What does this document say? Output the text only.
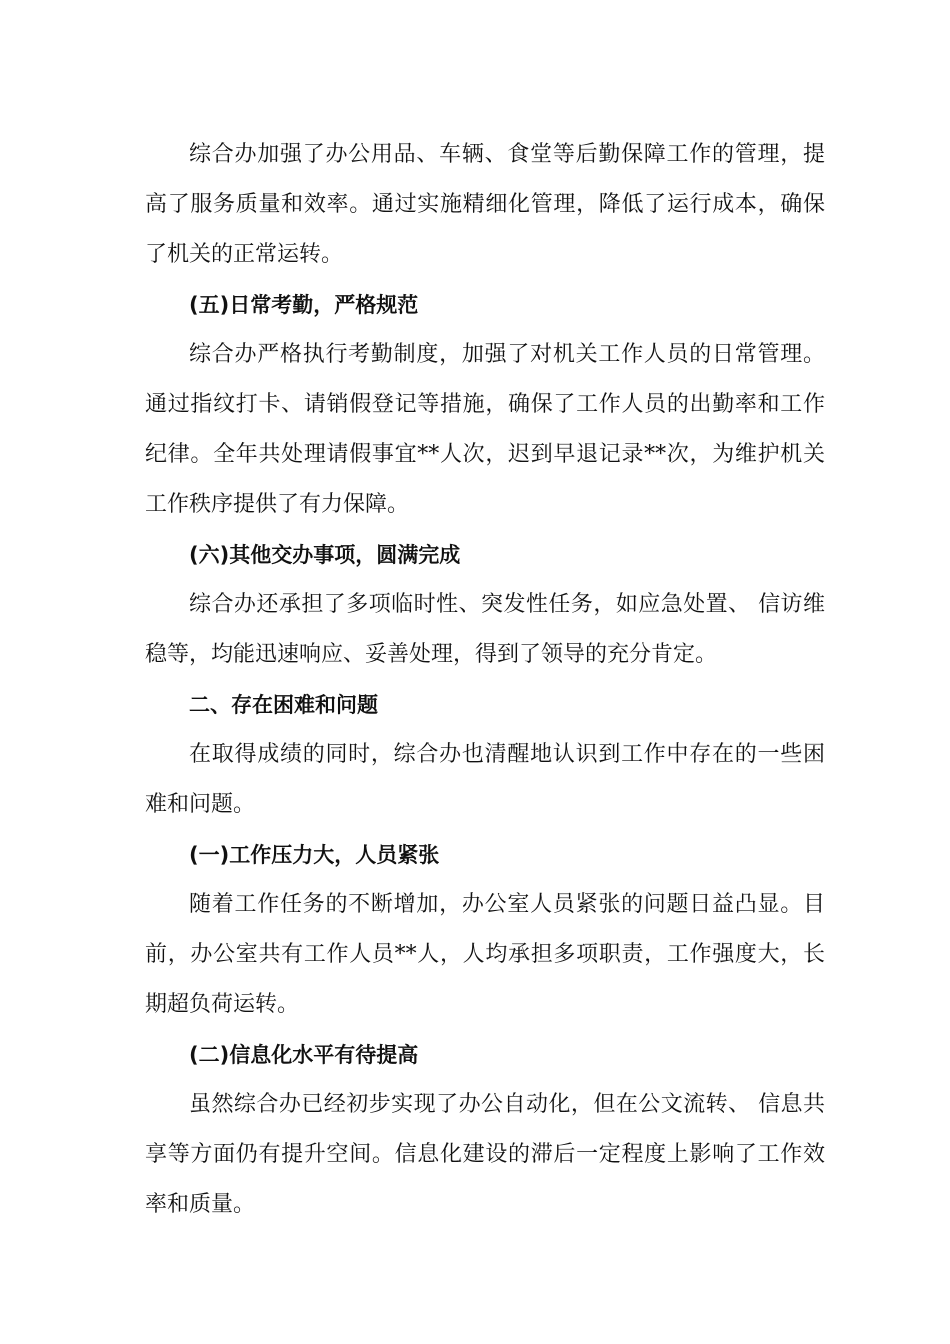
综合办加强了办公用品、车辆、食堂等后勤保障工作的管理，提高了服务质量和效率。通过实施精细化管理，降低了运行成本，确保了机关的正常运转。

(五)日常考勤，严格规范

综合办严格执行考勤制度，加强了对机关工作人员的日常管理。通过指纹打卡、请销假登记等措施，确保了工作人员的出勤率和工作纪律。全年共处理请假事宜**人次，迟到早退记录**次，为维护机关工作秩序提供了有力保障。

(六)其他交办事项，圆满完成

综合办还承担了多项临时性、突发性任务，如应急处置、 信访维稳等，均能迅速响应、妥善处理，得到了领导的充分肯定。

二、存在困难和问题

在取得成绩的同时，综合办也清醒地认识到工作中存在的一些困难和问题。

(一)工作压力大，人员紧张

随着工作任务的不断增加，办公室人员紧张的问题日益凸显。目前，办公室共有工作人员**人，人均承担多项职责，工作强度大，长期超负荷运转。

(二)信息化水平有待提高

虽然综合办已经初步实现了办公自动化，但在公文流转、 信息共享等方面仍有提升空间。信息化建设的滞后一定程度上影响了工作效率和质量。
